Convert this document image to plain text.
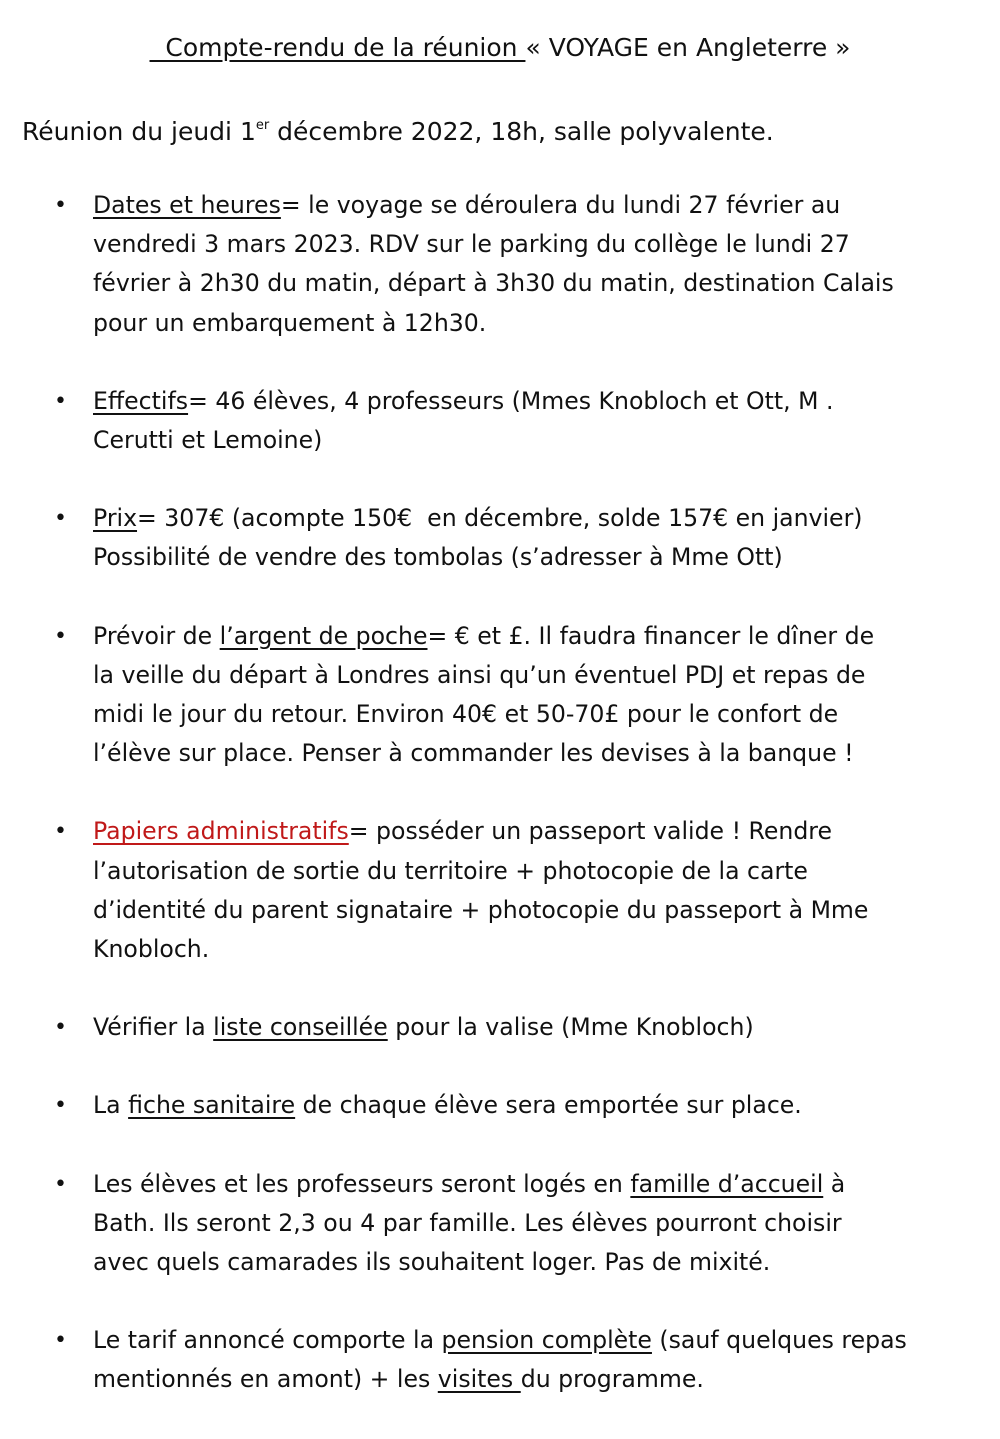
Compte-rendu de la réunion « VOYAGE en Angleterre »
Réunion du jeudi 1er décembre 2022, 18h, salle polyvalente.
• Dates et heures= le voyage se déroulera du lundi 27 février au
vendredi 3 mars 2023. RDV sur le parking du collège le lundi 27
février à 2h30 du matin, départ à 3h30 du matin, destination Calais
pour un embarquement à 12h30.
• Effectifs= 46 élèves, 4 professeurs (Mmes Knobloch et Ott, M .
Cerutti et Lemoine)
• Prix= 307€ (acompte 150€  en décembre, solde 157€ en janvier)
Possibilité de vendre des tombolas (s’adresser à Mme Ott)
• Prévoir de l’argent de poche= € et £. Il faudra financer le dîner de
la veille du départ à Londres ainsi qu’un éventuel PDJ et repas de
midi le jour du retour. Environ 40€ et 50-70£ pour le confort de
l’élève sur place. Penser à commander les devises à la banque !
• Papiers administratifs= posséder un passeport valide ! Rendre
l’autorisation de sortie du territoire + photocopie de la carte
d’identité du parent signataire + photocopie du passeport à Mme
Knobloch.
• Vérifier la liste conseillée pour la valise (Mme Knobloch)
• La fiche sanitaire de chaque élève sera emportée sur place.
• Les élèves et les professeurs seront logés en famille d’accueil à
Bath. Ils seront 2,3 ou 4 par famille. Les élèves pourront choisir
avec quels camarades ils souhaitent loger. Pas de mixité.
• Le tarif annoncé comporte la pension complète (sauf quelques repas
mentionnés en amont) + les visites du programme.
